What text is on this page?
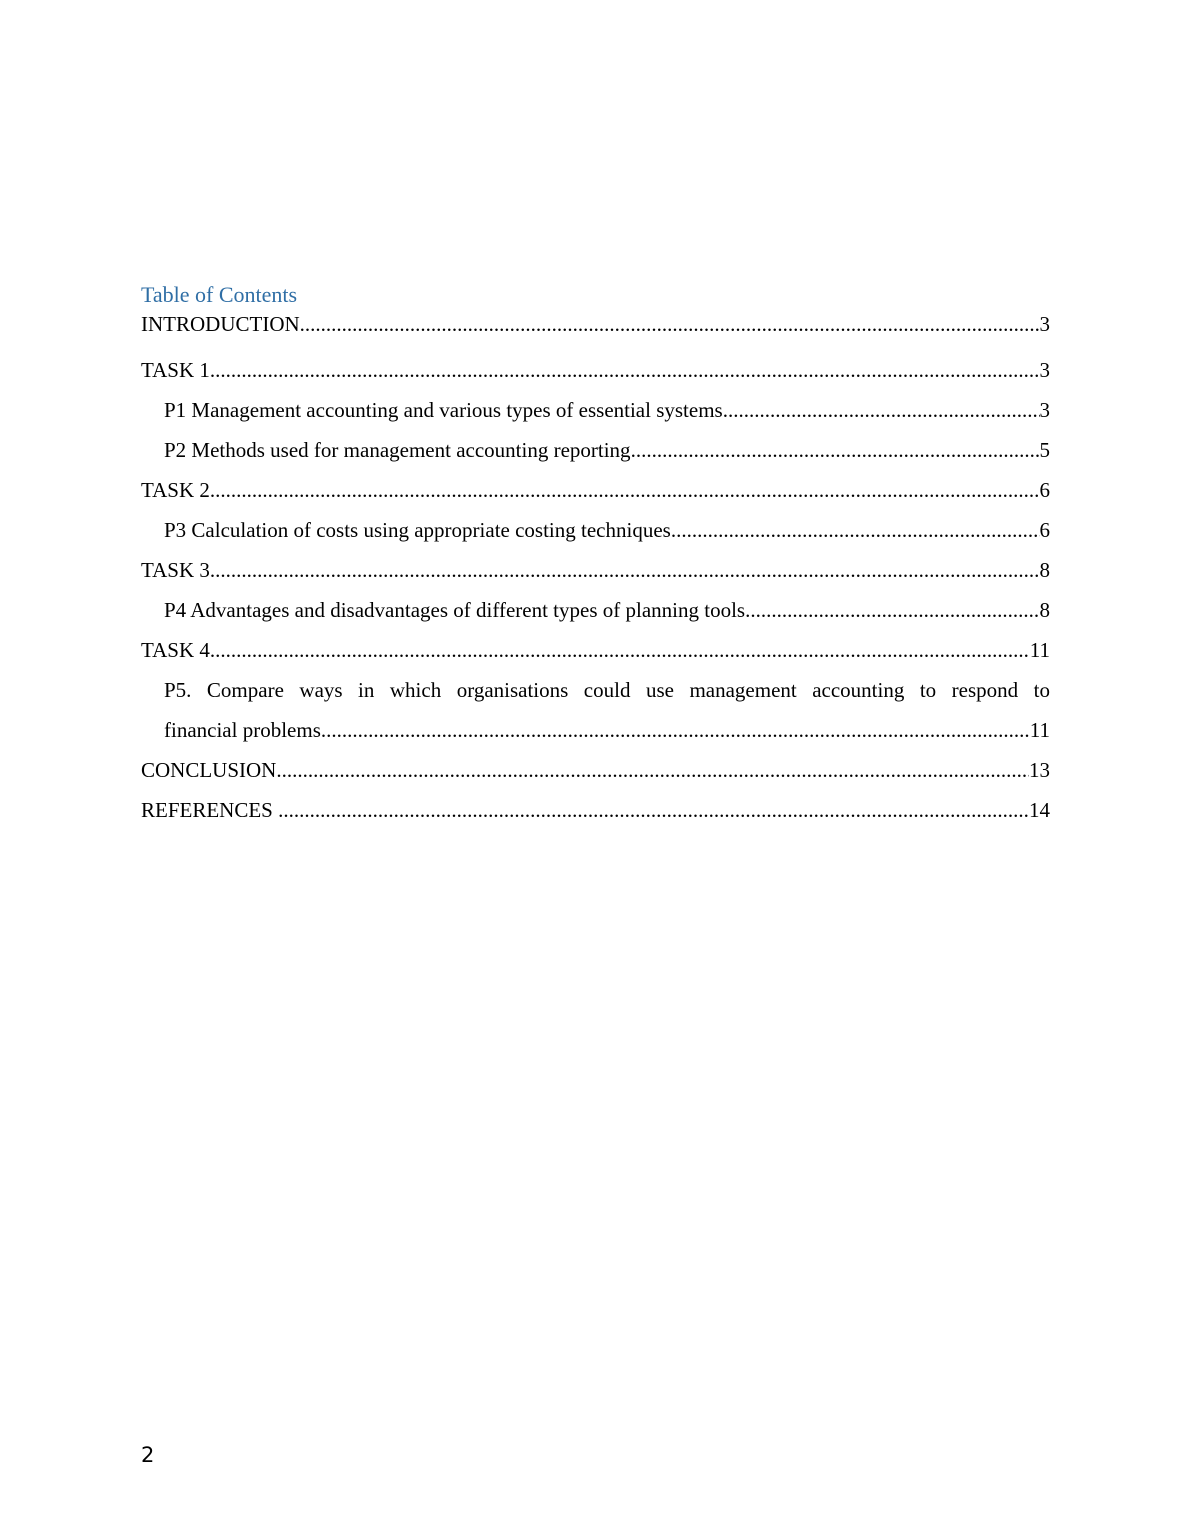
Table of Contents
INTRODUCTION .....	3
TASK 1 .....	3
P1 Management accounting and various types of essential systems. .....	3
P2 Methods used for management accounting reporting .....	5
TASK 2 .....	6
P3 Calculation of costs using appropriate costing techniques .....	6
TASK 3 .....	8
P4 Advantages and disadvantages of different types of planning tools .....	8
TASK 4 .....	11
P5. Compare ways in which organisations could use management accounting to respond to
financial problems .....	11
CONCLUSION .....	13
REFERENCES .....	14
2
